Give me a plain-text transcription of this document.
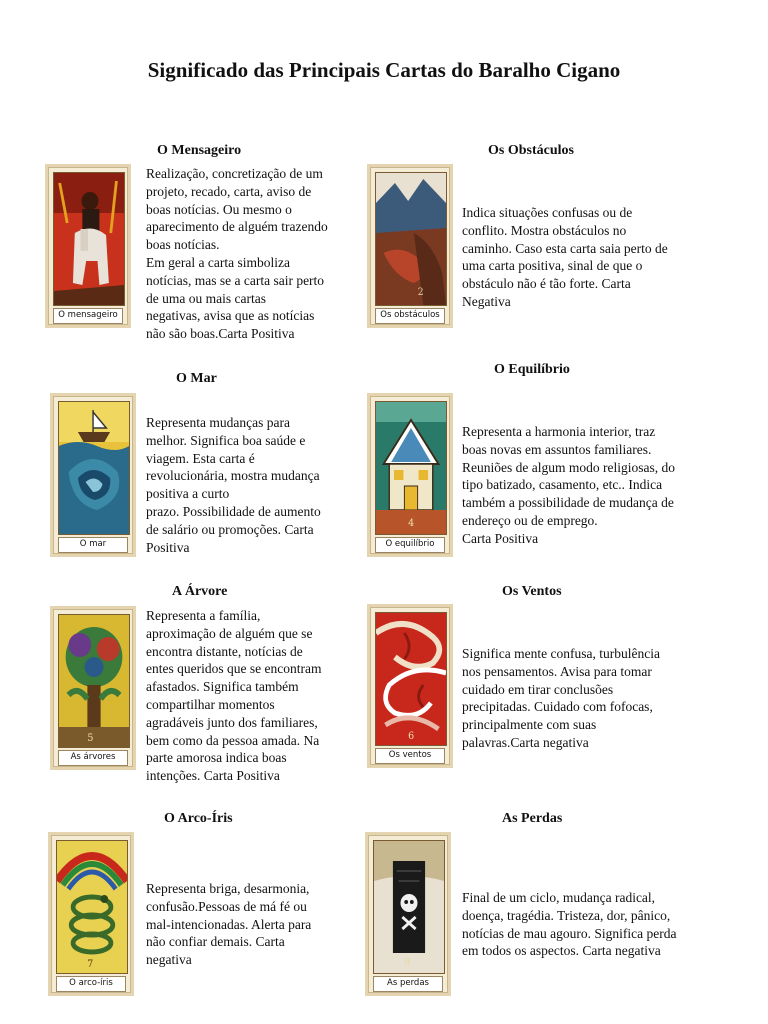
Significado das Principais Cartas do Baralho Cigano
O Mensageiro
O mensageiro
Realização, concretização de um
projeto, recado, carta, aviso de
boas notícias. Ou mesmo o
aparecimento de alguém trazendo
boas notícias.
Em geral a carta simboliza
notícias, mas se a carta sair perto
de uma ou mais cartas
negativas, avisa que as notícias
não são boas.Carta Positiva
Os Obstáculos
2
Os obstáculos
Indica situações confusas ou de
conflito. Mostra obstáculos no
caminho. Caso esta carta saia perto de
uma carta positiva, sinal de que o
obstáculo não é tão forte. Carta
Negativa
O Mar
O mar
Representa mudanças para
melhor. Significa boa saúde e
viagem. Esta carta é
revolucionária, mostra mudança
positiva a curto
prazo. Possibilidade de aumento
de salário ou promoções. Carta
Positiva
O Equilíbrio
4
O equilíbrio
Representa a harmonia interior, traz
boas novas em assuntos familiares.
Reuniões de algum modo religiosas, do
tipo batizado, casamento, etc.. Indica
também a possibilidade de mudança de
endereço ou de emprego.
Carta Positiva
A Árvore
5
As árvores
Representa a família,
aproximação de alguém que se
encontra distante, notícias de
entes queridos que se encontram
afastados. Significa também
compartilhar momentos
agradáveis junto dos familiares,
bem como da pessoa amada. Na
parte amorosa indica boas
intenções. Carta Positiva
Os Ventos
6
Os ventos
Significa mente confusa, turbulência
nos pensamentos. Avisa para tomar
cuidado em tirar conclusões
precipitadas. Cuidado com fofocas,
principalmente com suas
palavras.Carta negativa
O Arco-Íris
7
O arco-íris
Representa briga, desarmonia,
confusão.Pessoas de má fé ou
mal-intencionadas. Alerta para
não confiar demais. Carta
negativa
As Perdas
8
As perdas
Final de um ciclo, mudança radical,
doença, tragédia. Tristeza, dor, pânico,
notícias de mau agouro. Significa perda
em todos os aspectos. Carta negativa
